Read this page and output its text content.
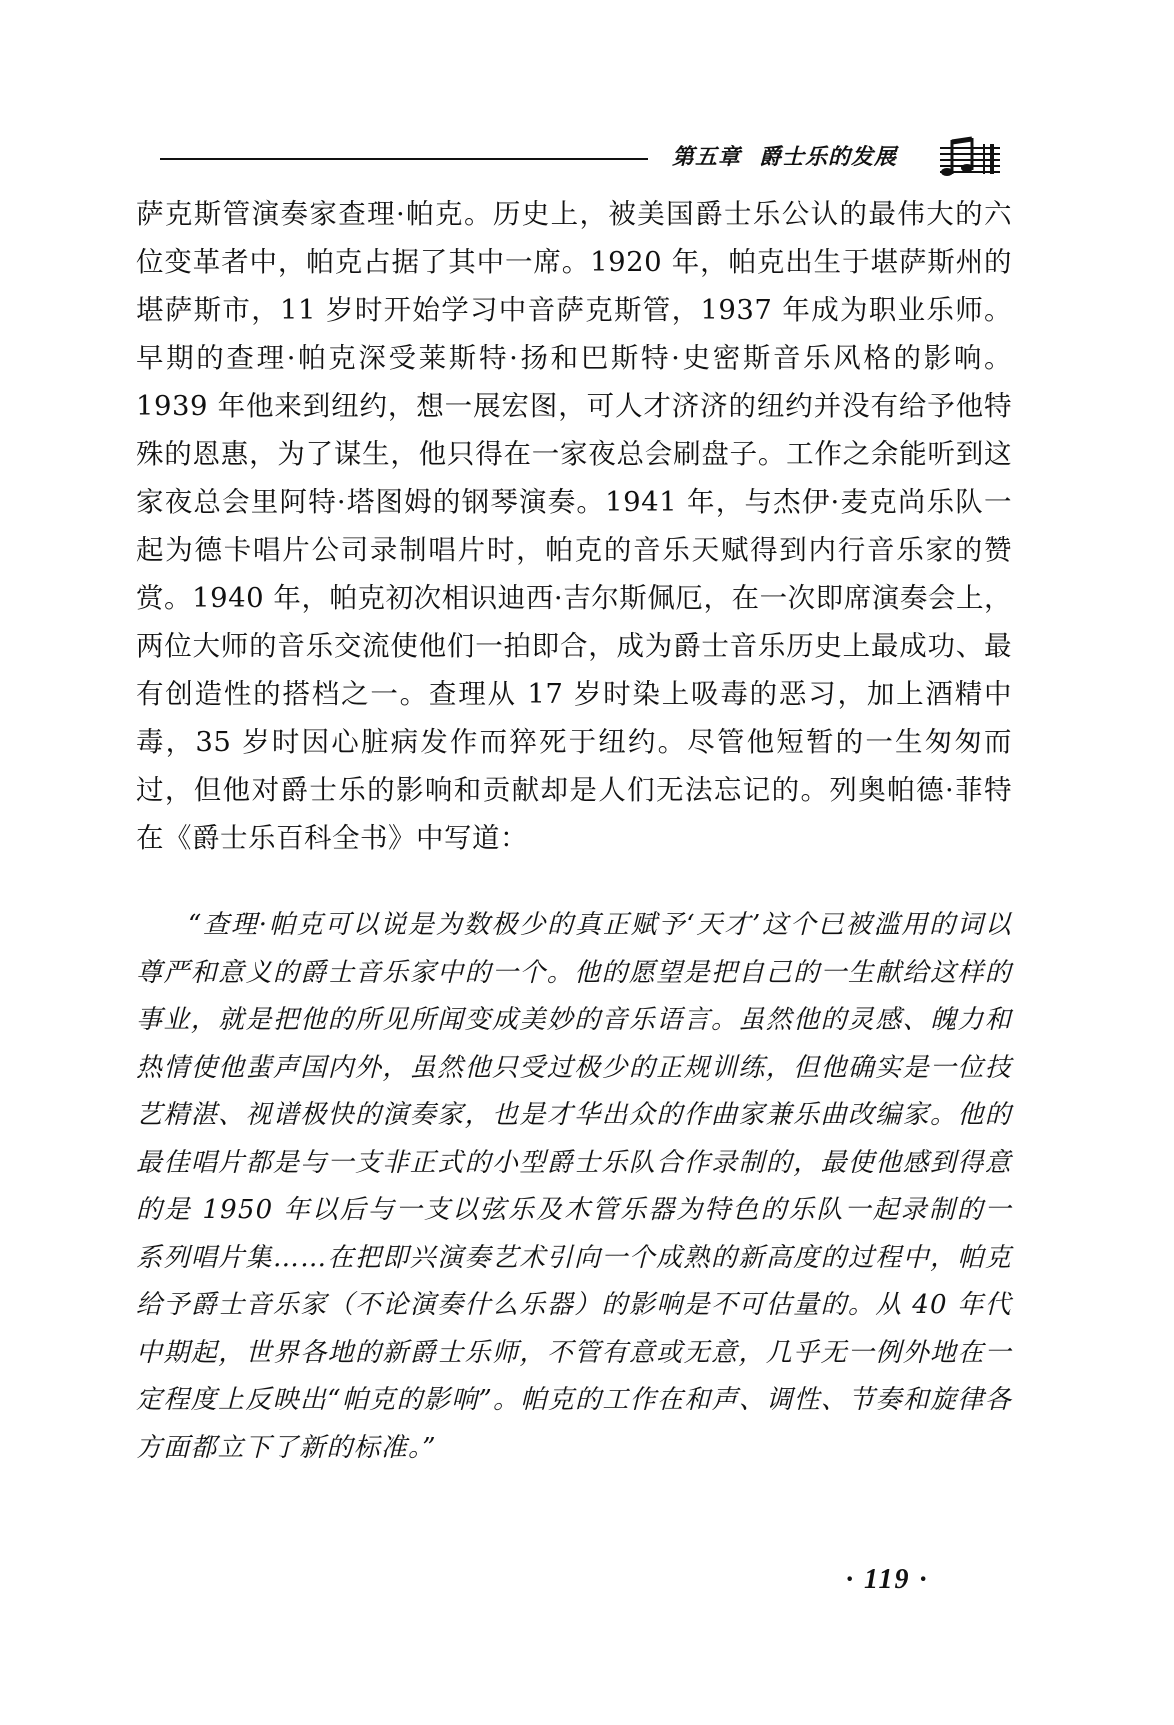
第五章 爵士乐的发展

萨克斯管演奏家查理·帕克。历史上，被美国爵士乐公认的最伟大的六位变革者中，帕克占据了其中一席。1920 年，帕克出生于堪萨斯州的堪萨斯市，11 岁时开始学习中音萨克斯管，1937 年成为职业乐师。早期的查理·帕克深受莱斯特·扬和巴斯特·史密斯音乐风格的影响。1939 年他来到纽约，想一展宏图，可人才济济的纽约并没有给予他特殊的恩惠，为了谋生，他只得在一家夜总会刷盘子。工作之余能听到这家夜总会里阿特·塔图姆的钢琴演奏。1941 年，与杰伊·麦克尚乐队一起为德卡唱片公司录制唱片时，帕克的音乐天赋得到内行音乐家的赞赏。1940 年，帕克初次相识迪西·吉尔斯佩厄，在一次即席演奏会上，两位大师的音乐交流使他们一拍即合，成为爵士音乐历史上最成功、最有创造性的搭档之一。查理从 17 岁时染上吸毒的恶习，加上酒精中毒，35 岁时因心脏病发作而猝死于纽约。尽管他短暂的一生匆匆而过，但他对爵士乐的影响和贡献却是人们无法忘记的。列奥帕德·菲特在《爵士乐百科全书》中写道：

“查理·帕克可以说是为数极少的真正赋予‘天才’这个已被滥用的词以尊严和意义的爵士音乐家中的一个。他的愿望是把自己的一生献给这样的事业，就是把他的所见所闻变成美妙的音乐语言。虽然他的灵感、魄力和热情使他蜚声国内外，虽然他只受过极少的正规训练，但他确实是一位技艺精湛、视谱极快的演奏家，也是才华出众的作曲家兼乐曲改编家。他的最佳唱片都是与一支非正式的小型爵士乐队合作录制的，最使他感到得意的是 1950 年以后与一支以弦乐及木管乐器为特色的乐队一起录制的一系列唱片集……在把即兴演奏艺术引向一个成熟的新高度的过程中，帕克给予爵士音乐家（不论演奏什么乐器）的影响是不可估量的。从 40 年代中期起，世界各地的新爵士乐师，不管有意或无意，几乎无一例外地在一定程度上反映出“帕克的影响”。帕克的工作在和声、调性、节奏和旋律各方面都立下了新的标准。”

· 119 ·
